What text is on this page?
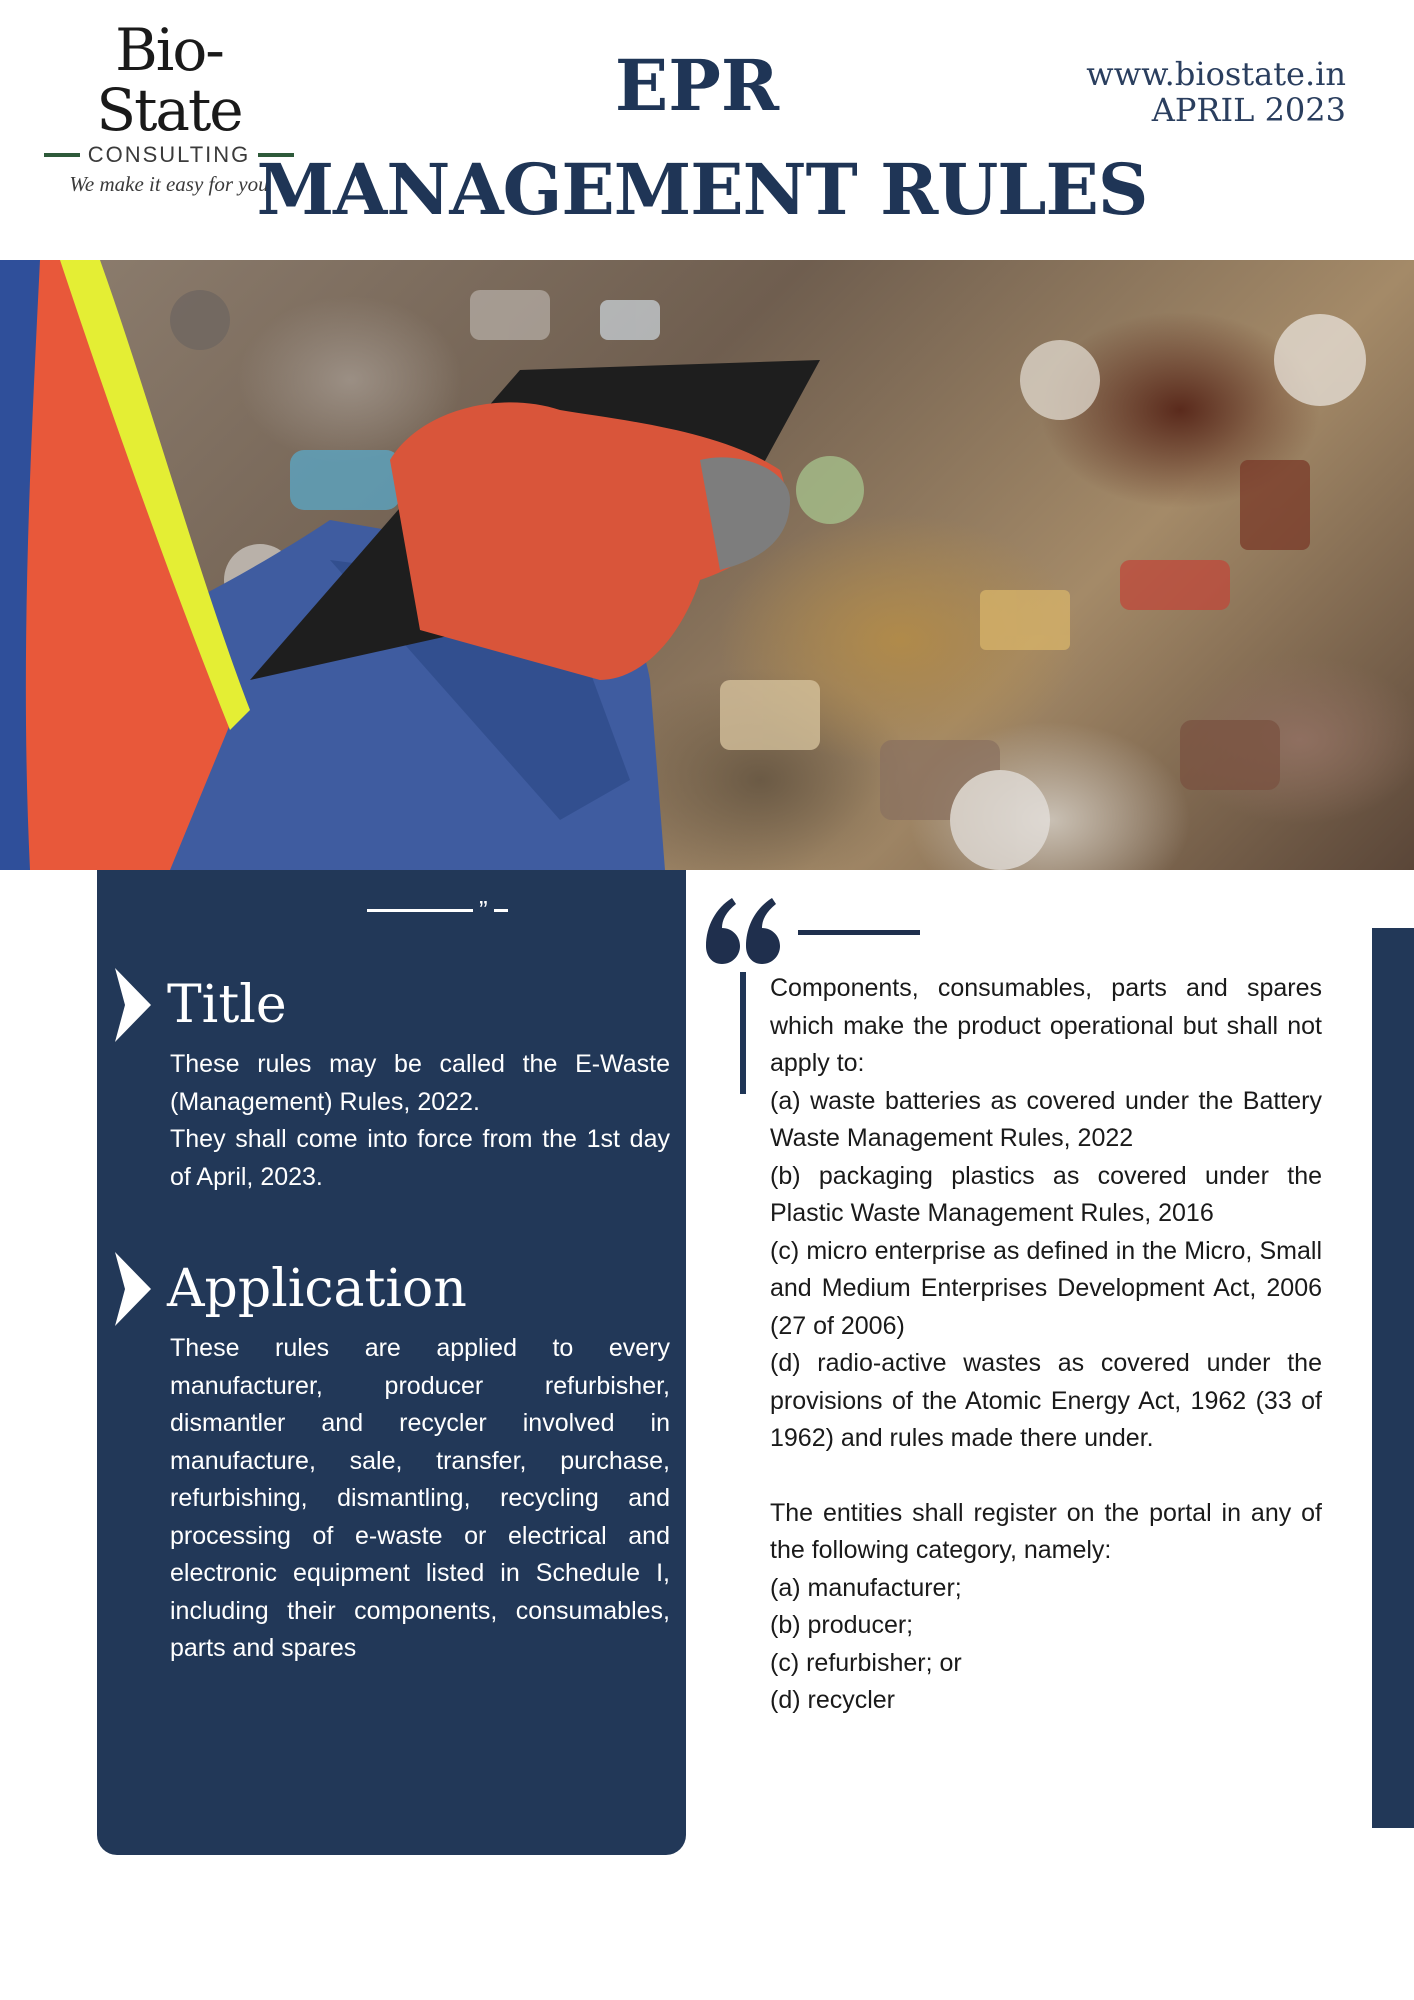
Bio-State
CONSULTING
We make it easy for you
EPR
MANAGEMENT RULES
www.biostate.in
APRIL 2023
”
Title

These rules may be called the E-Waste (Management) Rules, 2022.
They shall come into force from the 1st day of April, 2023.

Application

These rules are applied to every manufacturer, producer refurbisher, dismantler and recycler involved in manufacture, sale, transfer, purchase, refurbishing, dismantling, recycling and processing of e-waste or electrical and electronic equipment listed in Schedule I, including their components, consumables, parts and spares

Components, consumables, parts and spares which make the product operational but shall not apply to:

(a) waste batteries as covered under the Battery Waste Management Rules, 2022

(b) packaging plastics as covered under the Plastic Waste Management Rules, 2016

(c) micro enterprise as defined in the Micro, Small and Medium Enterprises Development Act, 2006 (27 of 2006)

(d) radio-active wastes as covered under the provisions of the Atomic Energy Act, 1962 (33 of 1962) and rules made there under.

The entities shall register on the portal in any of the following category, namely:

(a) manufacturer;

(b) producer;

(c) refurbisher; or

(d) recycler
